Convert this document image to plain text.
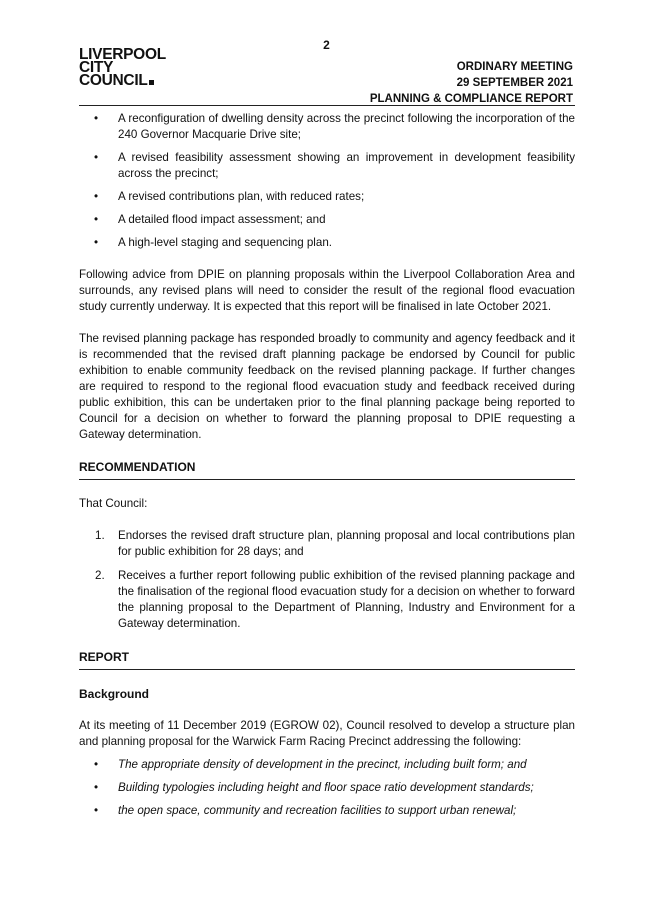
2
LIVERPOOL
CITY
COUNCIL
ORDINARY MEETING
29 SEPTEMBER 2021
PLANNING & COMPLIANCE REPORT
• A reconfiguration of dwelling density across the precinct following the incorporation of the 240 Governor Macquarie Drive site;
• A revised feasibility assessment showing an improvement in development feasibility across the precinct;
• A revised contributions plan, with reduced rates;
• A detailed flood impact assessment; and
• A high-level staging and sequencing plan.

Following advice from DPIE on planning proposals within the Liverpool Collaboration Area and surrounds, any revised plans will need to consider the result of the regional flood evacuation study currently underway. It is expected that this report will be finalised in late October 2021.

The revised planning package has responded broadly to community and agency feedback and it is recommended that the revised draft planning package be endorsed by Council for public exhibition to enable community feedback on the revised planning package. If further changes are required to respond to the regional flood evacuation study and feedback received during public exhibition, this can be undertaken prior to the final planning package being reported to Council for a decision on whether to forward the planning proposal to DPIE requesting a Gateway determination.

RECOMMENDATION

That Council:

1. Endorses the revised draft structure plan, planning proposal and local contributions plan for public exhibition for 28 days; and
2. Receives a further report following public exhibition of the revised planning package and the finalisation of the regional flood evacuation study for a decision on whether to forward the planning proposal to the Department of Planning, Industry and Environment for a Gateway determination.
REPORT
Background

At its meeting of 11 December 2019 (EGROW 02), Council resolved to develop a structure plan and planning proposal for the Warwick Farm Racing Precinct addressing the following:

• The appropriate density of development in the precinct, including built form; and
• Building typologies including height and floor space ratio development standards;
• the open space, community and recreation facilities to support urban renewal;
